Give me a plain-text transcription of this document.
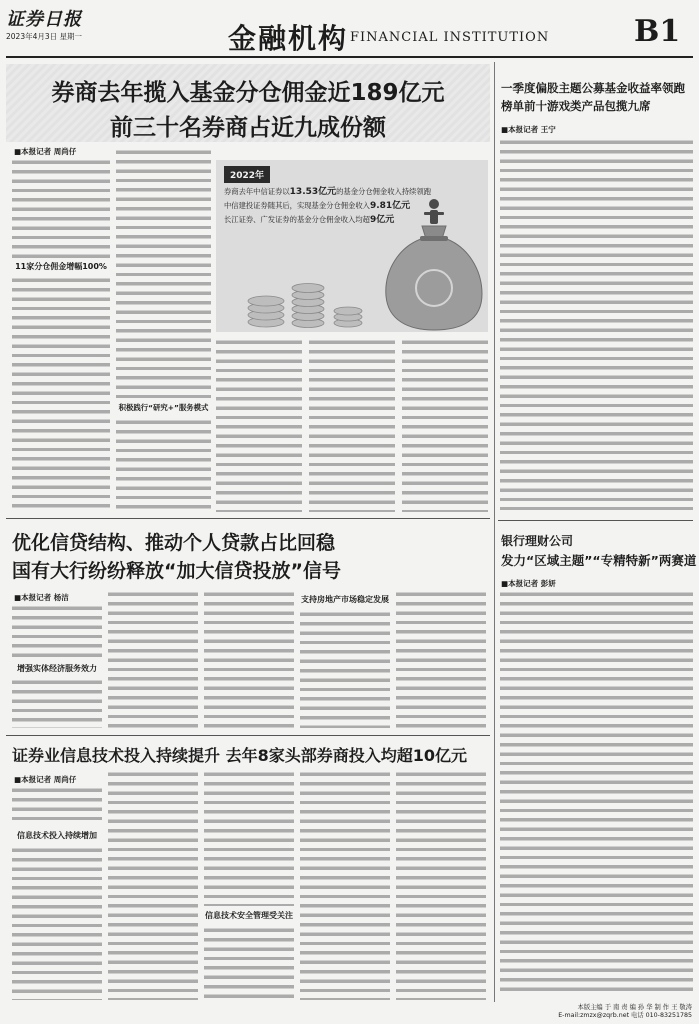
证券日报
2023年4月3日 星期一	金融机构 FINANCIAL INSTITUTION	B1
券商去年揽入基金分仓佣金近189亿元
前三十名券商占近九成份额
■本报记者 周尚仔
11家分仓佣金增幅100%
积极践行“研究+”服务模式
2022年
券商去年中信证券以13.53亿元的基金分仓佣金收入持续领跑
中信建投证券随其后，实现基金分仓佣金收入9.81亿元
长江证券、广发证券的基金分仓佣金收入均超9亿元
一季度偏股主题公募基金收益率领跑
榜单前十游戏类产品包揽九席
■本报记者 王宁
银行理财公司
发力“区域主题”“专精特新”两赛道
■本报记者 彭妍
优化信贷结构、推动个人贷款占比回稳
国有大行纷纷释放“加大信贷投放”信号
■本报记者 杨洁
增强实体经济服务效力
支持房地产市场稳定发展
证券业信息技术投入持续提升 去年8家头部券商投入均超10亿元
■本报记者 周尚仔
信息技术投入持续增加
信息技术安全管理受关注
本版主编 于 南 责 编 孙 华 制 作 王 敬涛
E-mail:zmzx@zqrb.net 电话 010-83251785
